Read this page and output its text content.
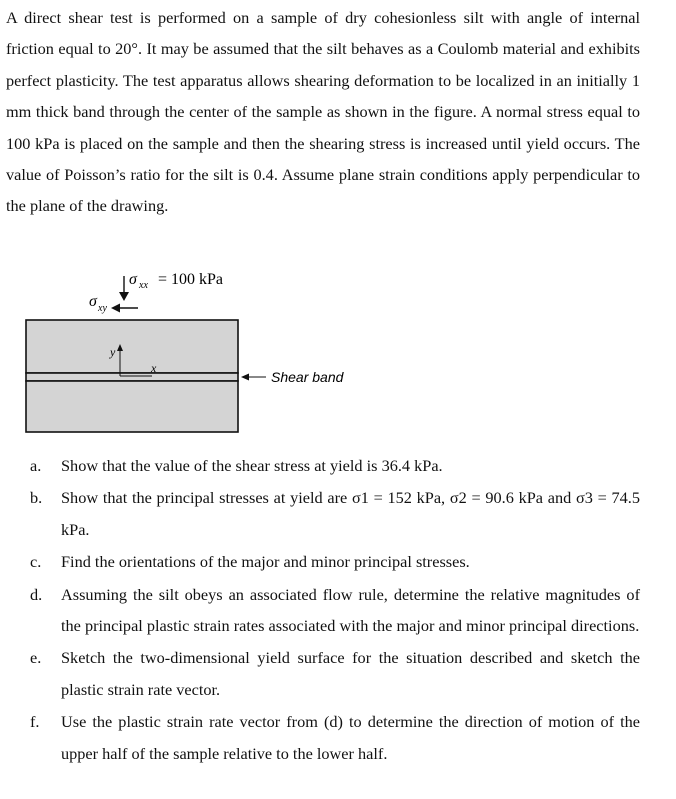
A direct shear test is performed on a sample of dry cohesionless silt with angle of internal friction equal to 20°. It may be assumed that the silt behaves as a Coulomb material and exhibits perfect plasticity. The test apparatus allows shearing deformation to be localized in an initially 1 mm thick band through the center of the sample as shown in the figure. A normal stress equal to 100 kPa is placed on the sample and then the shearing stress is increased until yield occurs. The value of Poisson’s ratio for the silt is 0.4. Assume plane strain conditions apply perpendicular to the plane of the drawing.

σ xx = 100 kPa
σ xy
y
x
Shear band
a.	Show that the value of the shear stress at yield is 36.4 kPa.
b.	Show that the principal stresses at yield are σ1 = 152 kPa, σ2 = 90.6 kPa and σ3 = 74.5 kPa.
c.	Find the orientations of the major and minor principal stresses.
d.	Assuming the silt obeys an associated flow rule, determine the relative magnitudes of the principal plastic strain rates associated with the major and minor principal directions.
e.	Sketch the two-dimensional yield surface for the situation described and sketch the plastic strain rate vector.
f.	Use the plastic strain rate vector from (d) to determine the direction of motion of the upper half of the sample relative to the lower half.
